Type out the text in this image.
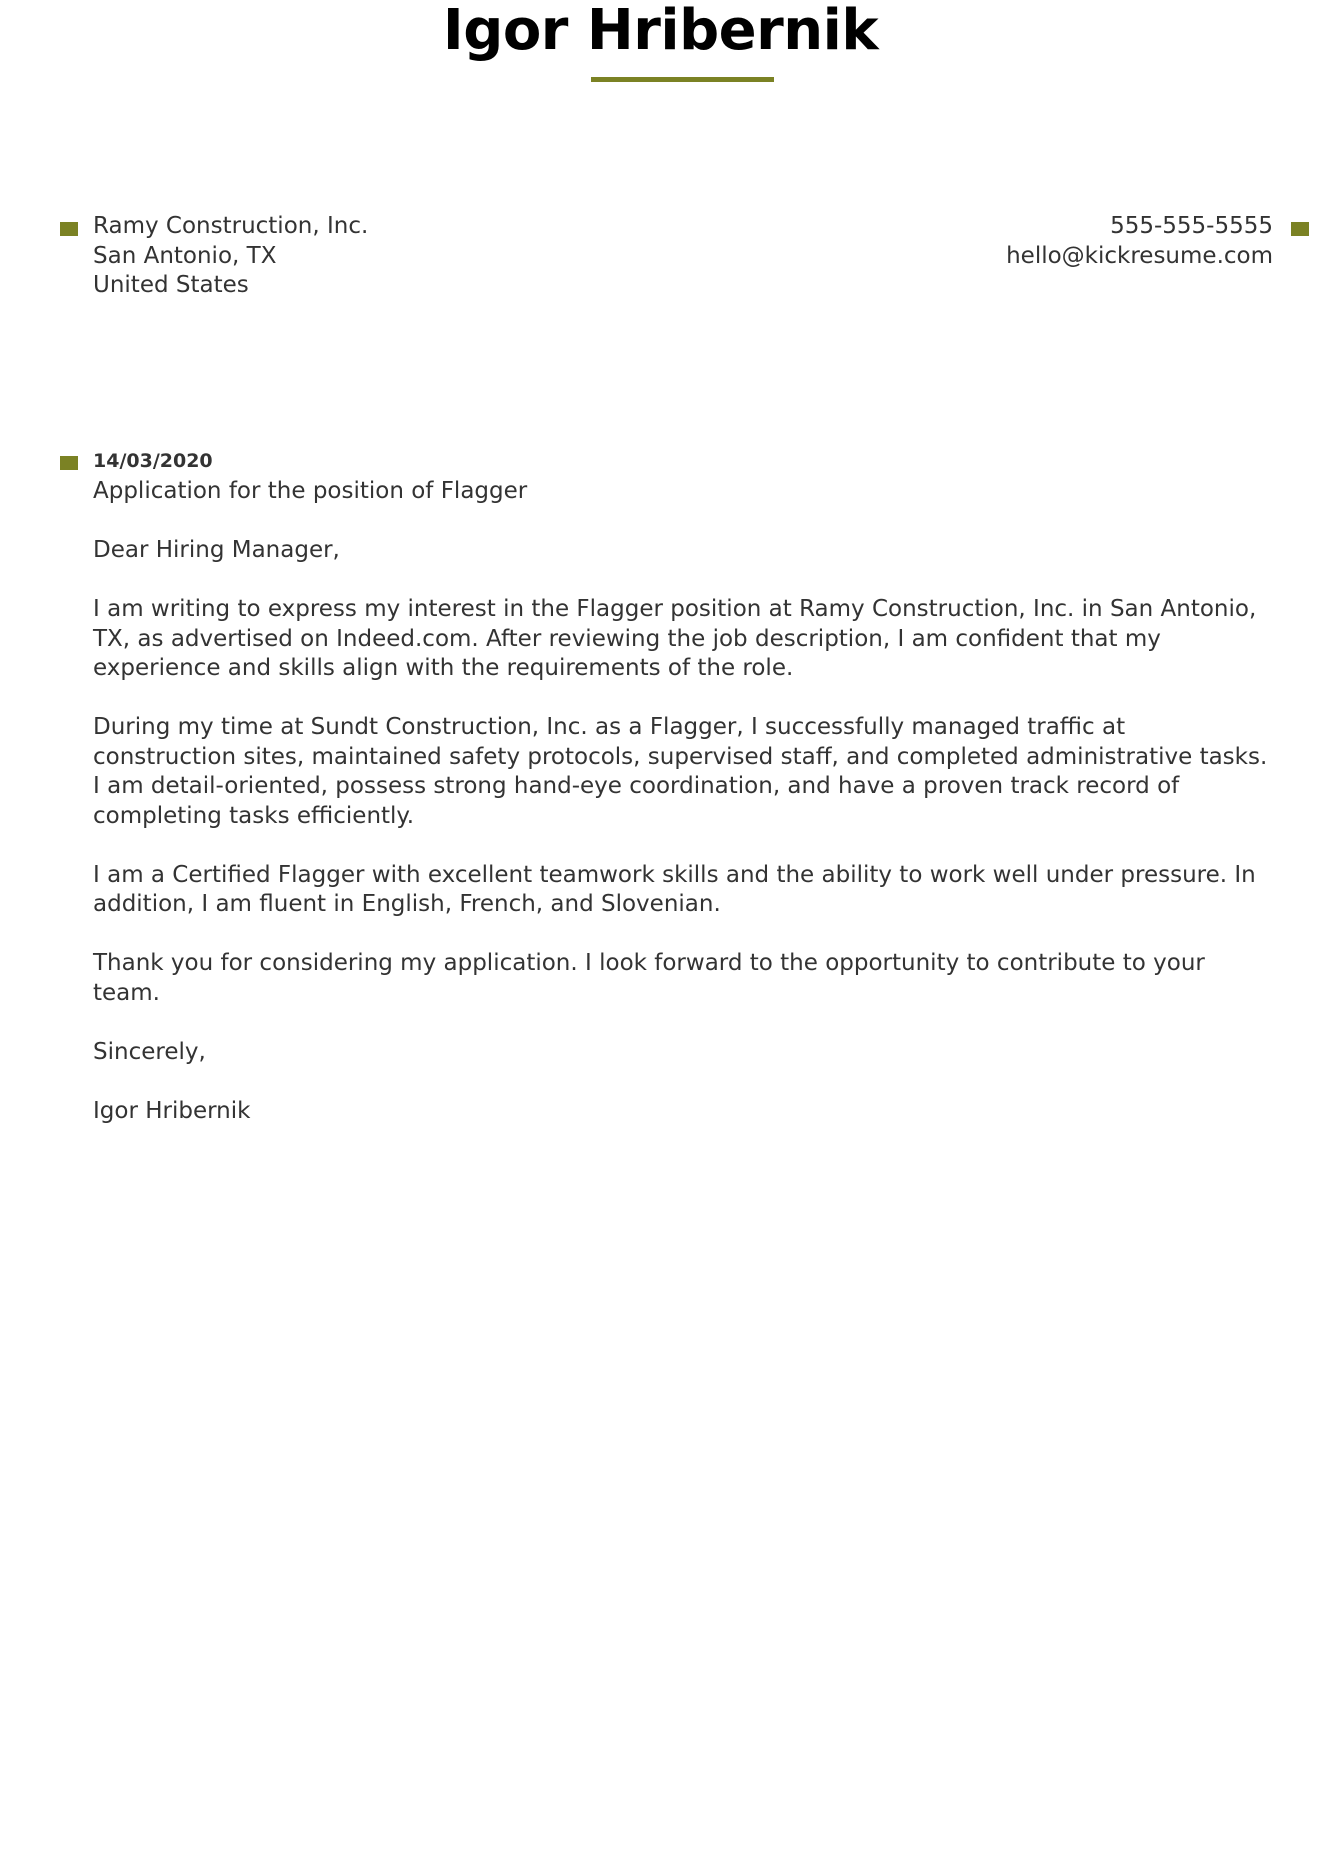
Igor Hribernik
Ramy Construction, Inc.
San Antonio, TX
United States
555-555-5555
hello@kickresume.com
14/03/2020

Application for the position of Flagger

Dear Hiring Manager,

I am writing to express my interest in the Flagger position at Ramy Construction, Inc. in San Antonio, TX, as advertised on Indeed.com. After reviewing the job description, I am confident that my experience and skills align with the requirements of the role.

During my time at Sundt Construction, Inc. as a Flagger, I successfully managed traffic at construction sites, maintained safety protocols, supervised staff, and completed administrative tasks. I am detail-oriented, possess strong hand-eye coordination, and have a proven track record of completing tasks efficiently.

I am a Certified Flagger with excellent teamwork skills and the ability to work well under pressure. In addition, I am fluent in English, French, and Slovenian.

Thank you for considering my application. I look forward to the opportunity to contribute to your team.

Sincerely,

Igor Hribernik
